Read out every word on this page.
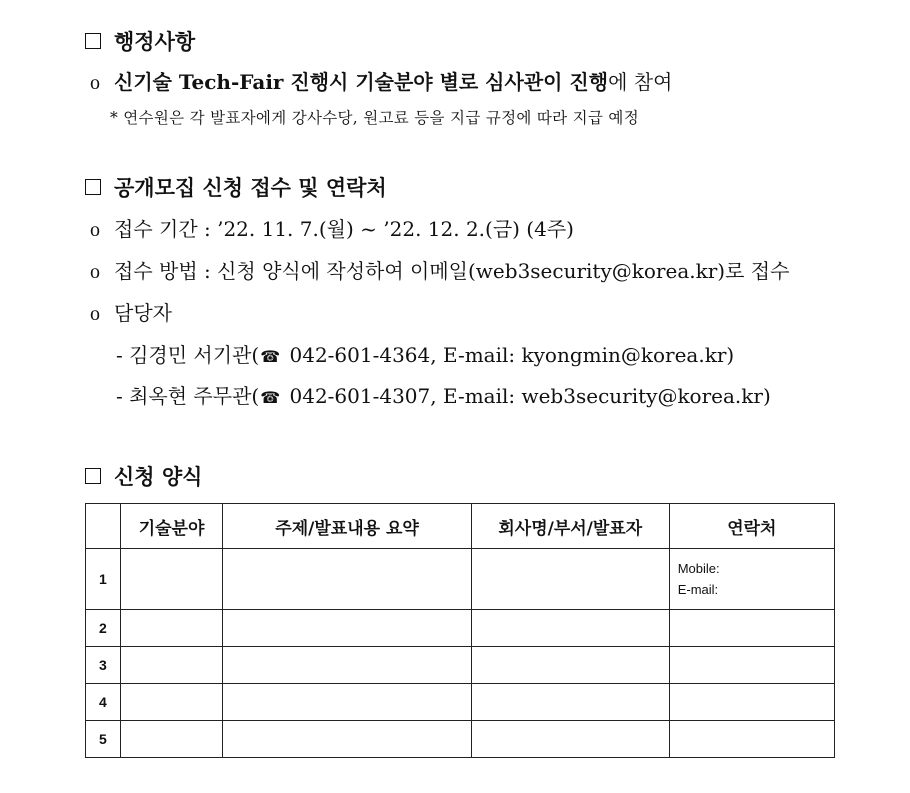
행정사항
o 신기술 Tech-Fair 진행시 기술분야 별로 심사관이 진행 에 참여
* 연수원은 각 발표자에게 강사수당, 원고료 등을 지급 규정에 따라 지급 예정
공개모집 신청 접수 및 연락처
o 접수 기간 : ’22. 11. 7.(월) ~ ’22. 12. 2.(금) (4주)
o 접수 방법 : 신청 양식에 작성하여 이메일(web3security@korea.kr)로 접수
o 담당자
- 김경민 서기관(☎ 042-601-4364, E-mail: kyongmin@korea.kr)
- 최옥현 주무관(☎ 042-601-4307, E-mail: web3security@korea.kr)
신청 양식
	기술분야	주제/발표내용 요약	회사명/부서/발표자	연락처
1				Mobile:
E-mail:

2				
3				
4				
5				
